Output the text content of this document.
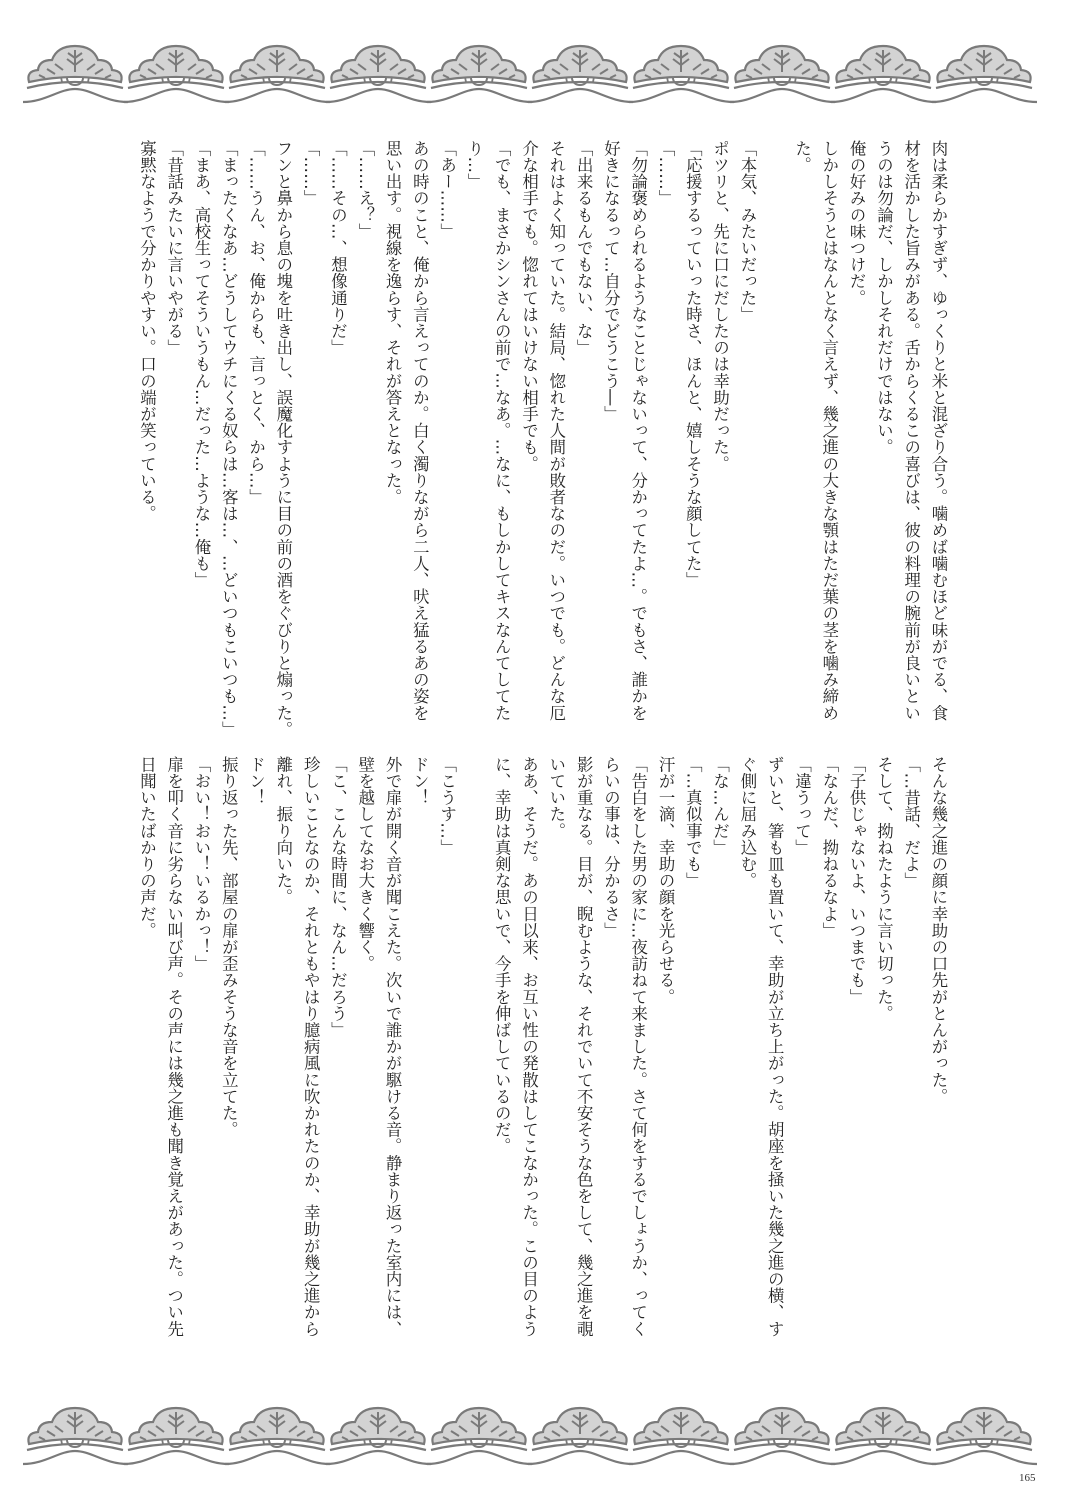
肉は柔らかすぎず、ゆっくりと米と混ざり合う。噛めば噛むほど味がでる、食
材を活かした旨みがある。舌からくるこの喜びは、彼の料理の腕前が良いとい
うのは勿論だ、しかしそれだけではない。
俺の好みの味つけだ。
しかしそうとはなんとなく言えず、幾之進の大きな顎はただ葉の茎を噛み締め
た。
「本気、みたいだった」
ポツリと、先に口にだしたのは幸助だった。
「応援するっていった時さ、ほんと、嬉しそうな顔してた」
「……」
「勿論褒められるようなことじゃないって、分かってたよ…。でもさ、誰かを
好きになるって…自分でどうこう―」
「出来るもんでもない、な」
それはよく知っていた。結局、惚れた人間が敗者なのだ。いつでも。どんな厄
介な相手でも。惚れてはいけない相手でも。
「でも、まさかシンさんの前で…なあ。…なに、もしかしてキスなんてしてた
り…」
「あー……」
あの時のこと、俺から言えってのか。白く濁りながら二人、吠え猛るあの姿を
思い出す。視線を逸らす、それが答えとなった。
「……え？」
「……その…、想像通りだ」
「……」
フンと鼻から息の塊を吐き出し、誤魔化すように目の前の酒をぐびりと煽った。
「……うん、お、俺からも、言っとく、から…」
「まったくなあ…どうしてウチにくる奴らは…客は…、…どいつもこいつも…」
「まあ、高校生ってそういうもん…だった…ような…俺も」
「昔話みたいに言いやがる」
寡黙なようで分かりやすい。口の端が笑っている。
そんな幾之進の顔に幸助の口先がとんがった。
「…昔話、だよ」
そして、拗ねたように言い切った。
「子供じゃないよ、いつまでも」
「なんだ、拗ねるなよ」
「違うって」
ずいと、箸も皿も置いて、幸助が立ち上がった。胡座を掻いた幾之進の横、す
ぐ側に屈み込む。
「な…んだ」
「…真似事でも」
汗が一滴、幸助の顔を光らせる。
「告白をした男の家に…夜訪ねて来ました。さて何をするでしょうか、ってく
らいの事は、分かるさ」
影が重なる。目が、睨むような、それでいて不安そうな色をして、幾之進を覗
いていた。
ああ、そうだ。あの日以来、お互い性の発散はしてこなかった。この目のよう
に、幸助は真剣な思いで、今手を伸ばしているのだ。
「こうす…」
ドン！
外で扉が開く音が聞こえた。次いで誰かが駆ける音。静まり返った室内には、
壁を越してなお大きく響く。
「こ、こんな時間に、なん…だろう」
珍しいことなのか、それともやはり臆病風に吹かれたのか、幸助が幾之進から
離れ、振り向いた。
ドン！
振り返った先、部屋の扉が歪みそうな音を立てた。
「おい！おい！いるかっ！」
扉を叩く音に劣らない叫び声。その声には幾之進も聞き覚えがあった。つい先
日聞いたばかりの声だ。
165
